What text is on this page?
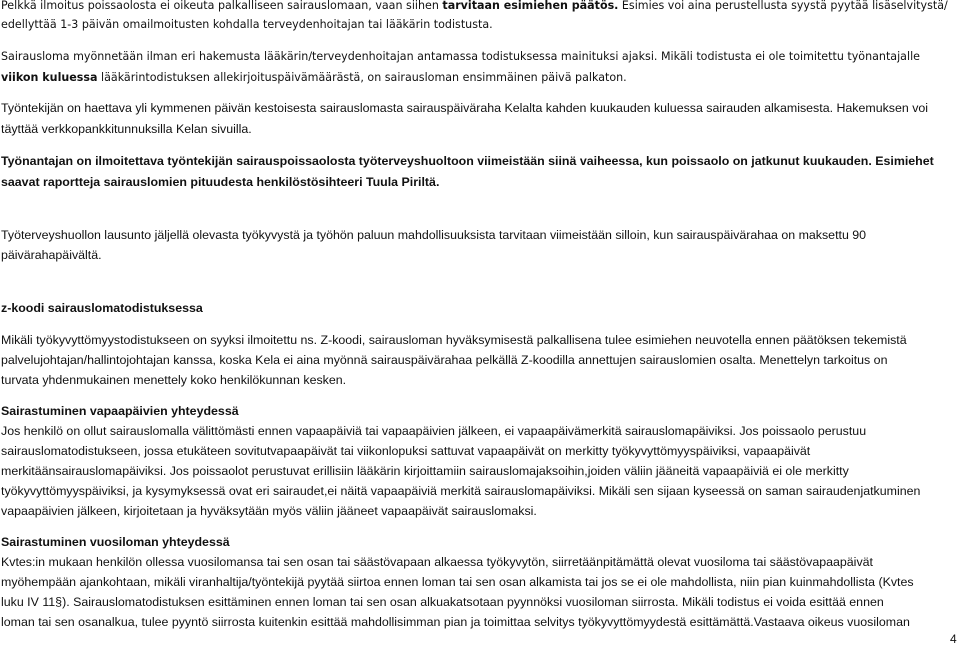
Pelkkä ilmoitus poissaolosta ei oikeuta palkalliseen sairauslomaan, vaan siihen tarvitaan esimiehen päätös. Esimies voi aina perustellusta syystä pyytää lisäselvitystä/
edellyttää 1-3 päivän omailmoitusten kohdalla terveydenhoitajan tai lääkärin todistusta.
Sairausloma myönnetään ilman eri hakemusta lääkärin/terveydenhoitajan antamassa todistuksessa mainituksi ajaksi. Mikäli todistusta ei ole toimitettu työnantajalle
viikon kuluessa lääkärintodistuksen allekirjoituspäivämäärästä, on sairausloman ensimmäinen päivä palkaton.
Työntekijän on haettava yli kymmenen päivän kestoisesta sairauslomasta sairauspäiväraha Kelalta kahden kuukauden kuluessa sairauden alkamisesta. Hakemuksen voi
täyttää verkkopankkitunnuksilla Kelan sivuilla.
Työnantajan on ilmoitettava työntekijän sairauspoissaolosta työterveyshuoltoon viimeistään siinä vaiheessa, kun poissaolo on jatkunut kuukauden. Esimiehet
saavat raportteja sairauslomien pituudesta henkilöstösihteeri Tuula Piriltä.
Työterveyshuollon lausunto jäljellä olevasta työkyvystä ja työhön paluun mahdollisuuksista tarvitaan viimeistään silloin, kun sairauspäivärahaa on maksettu 90
päivärahapäivältä.
z-koodi sairauslomatodistuksessa
Mikäli työkyvyttömyystodistukseen on syyksi ilmoitettu ns. Z-koodi, sairausloman hyväksymisestä palkallisena tulee esimiehen neuvotella ennen päätöksen tekemistä
palvelujohtajan/hallintojohtajan kanssa, koska Kela ei aina myönnä sairauspäivärahaa pelkällä Z-koodilla annettujen sairauslomien osalta. Menettelyn tarkoitus on
turvata yhdenmukainen menettely koko henkilökunnan kesken.
Sairastuminen vapaapäivien yhteydessä
Jos henkilö on ollut sairauslomalla välittömästi ennen vapaapäiviä tai vapaapäivien jälkeen, ei vapaapäivämerkitä sairauslomapäiviksi. Jos poissaolo perustuu
sairauslomatodistukseen, jossa etukäteen sovitutvapaapäivät tai viikonlopuksi sattuvat vapaapäivät on merkitty työkyvyttömyyspäiviksi, vapaapäivät
merkitäänsairauslomapäiviksi. Jos poissaolot perustuvat erillisiin lääkärin kirjoittamiin sairauslomajaksoihin,joiden väliin jääneitä vapaapäiviä ei ole merkitty
työkyvyttömyyspäiviksi, ja kysymyksessä ovat eri sairaudet,ei näitä vapaapäiviä merkitä sairauslomapäiviksi. Mikäli sen sijaan kyseessä on saman sairaudenjatkuminen
vapaapäivien jälkeen, kirjoitetaan ja hyväksytään myös väliin jääneet vapaapäivät sairauslomaksi.
Sairastuminen vuosiloman yhteydessä
Kvtes:in mukaan henkilön ollessa vuosilomansa tai sen osan tai säästövapaan alkaessa työkyvytön, siirretäänpitämättä olevat vuosiloma tai säästövapaapäivät
myöhempään ajankohtaan, mikäli viranhaltija/työntekijä pyytää siirtoa ennen loman tai sen osan alkamista tai jos se ei ole mahdollista, niin pian kuinmahdollista (Kvtes
luku IV 11§). Sairauslomatodistuksen esittäminen ennen loman tai sen osan alkuakatsotaan pyynnöksi vuosiloman siirrosta. Mikäli todistus ei voida esittää ennen
loman tai sen osanalkua, tulee pyyntö siirrosta kuitenkin esittää mahdollisimman pian ja toimittaa selvitys työkyvyttömyydestä esittämättä.Vastaava oikeus vuosiloman
4
